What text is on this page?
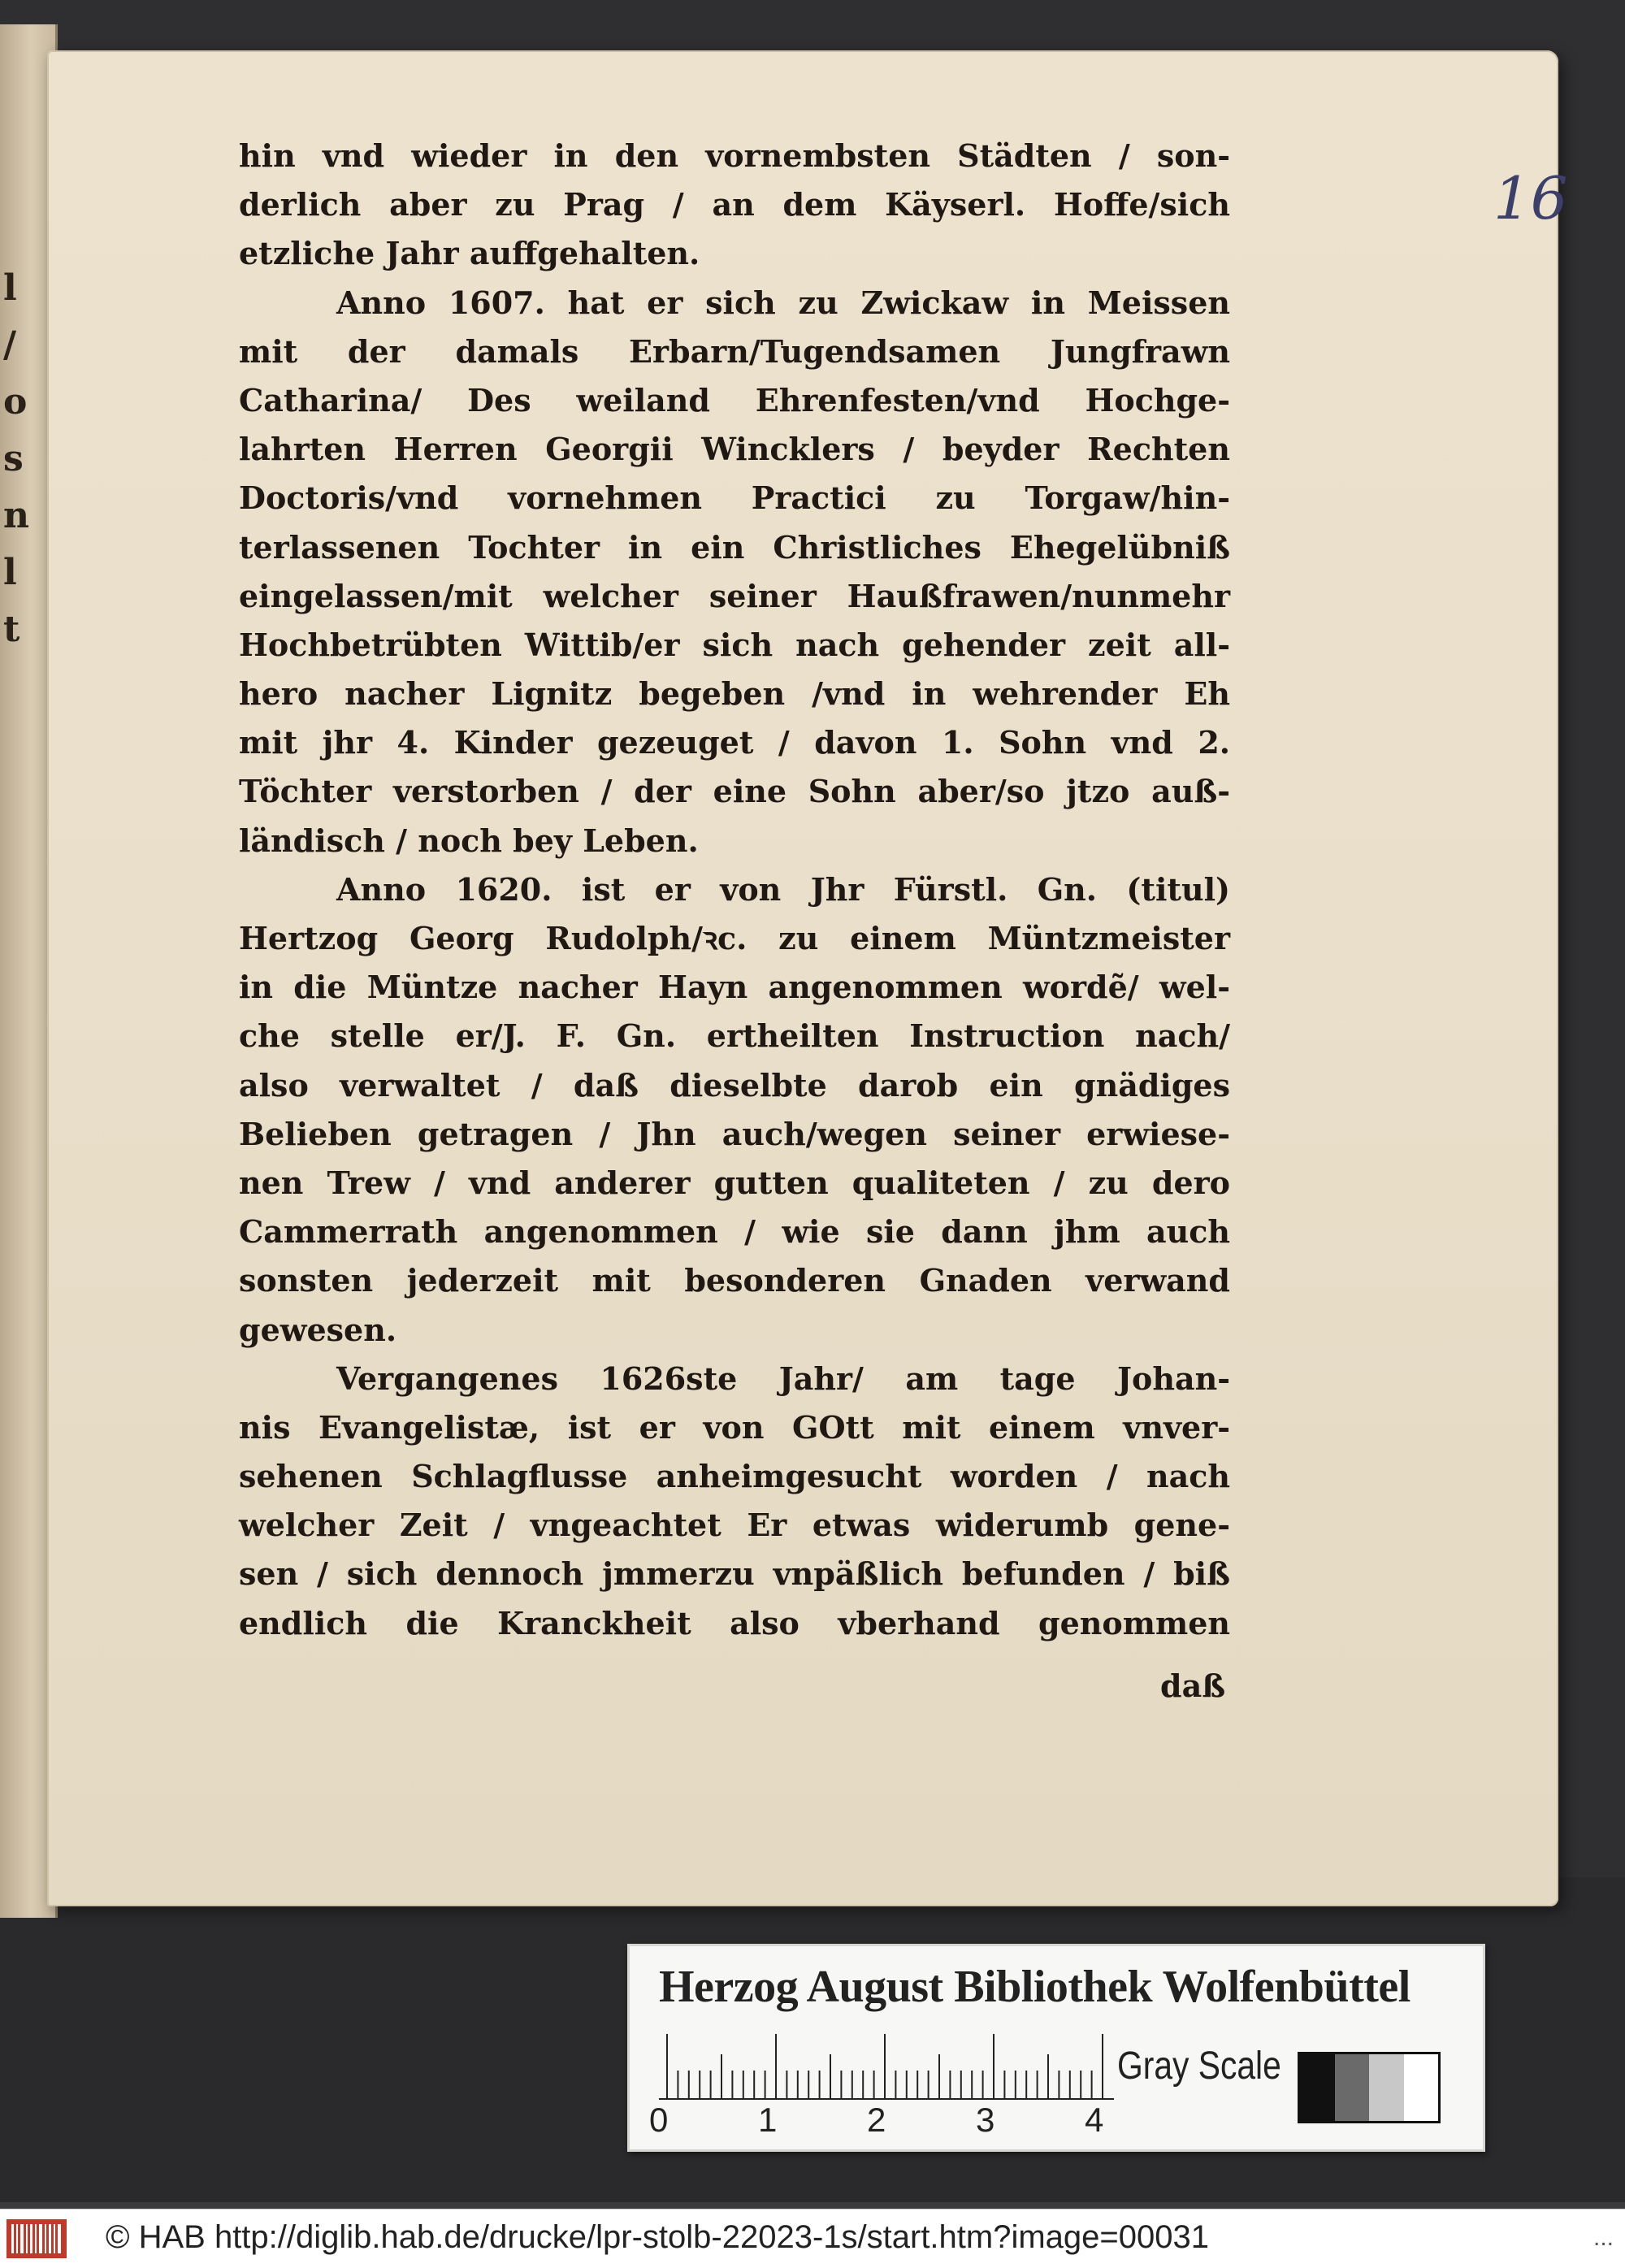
l
/
o
s
n
l
t
16
hin vnd wieder in den vornembsten Städten / son-
derlich aber zu Prag / an dem Käyserl. Hoffe/sich
etzliche Jahr auffgehalten.
Anno 1607. hat er sich zu Zwickaw in Meissen
mit der damals Erbarn/Tugendsamen Jungfrawn
Catharina/ Des weiland Ehrenfesten/vnd Hochge-
lahrten Herren Georgii Wincklers / beyder Rechten
Doctoris/vnd vornehmen Practici zu Torgaw/hin-
terlassenen Tochter in ein Christliches Ehegelübniß
eingelassen/mit welcher seiner Haußfrawen/nunmehr
Hochbetrübten Wittib/er sich nach gehender zeit all-
hero nacher Lignitz begeben /vnd in wehrender Eh
mit jhr 4. Kinder gezeuget / davon 1. Sohn vnd 2.
Töchter verstorben / der eine Sohn aber/so jtzo auß-
ländisch / noch bey Leben.
Anno 1620. ist er von Jhr Fürstl. Gn. (titul)
Hertzog Georg Rudolph/ꝛc. zu einem Müntzmeister
in die Müntze nacher Hayn angenommen wordẽ/ wel-
che stelle er/J. F. Gn. ertheilten Instruction nach/
also verwaltet / daß dieselbte darob ein gnädiges
Belieben getragen / Jhn auch/wegen seiner erwiese-
nen Trew / vnd anderer gutten qualiteten / zu dero
Cammerrath angenommen / wie sie dann jhm auch
sonsten jederzeit mit besonderen Gnaden verwand
gewesen.
Vergangenes 1626ste Jahr/ am tage Johan-
nis Evangelistæ, ist er von GOtt mit einem vnver-
sehenen Schlagflusse anheimgesucht worden / nach
welcher Zeit / vngeachtet Er etwas widerumb gene-
sen / sich dennoch jmmerzu vnpäßlich befunden / biß
endlich die Kranckheit also vberhand genommen
daß
Herzog August Bibliothek Wolfenbüttel
0	1	2	3	4
Gray Scale
© HAB http://diglib.hab.de/drucke/lpr-stolb-22023-1s/start.htm?image=00031	...
